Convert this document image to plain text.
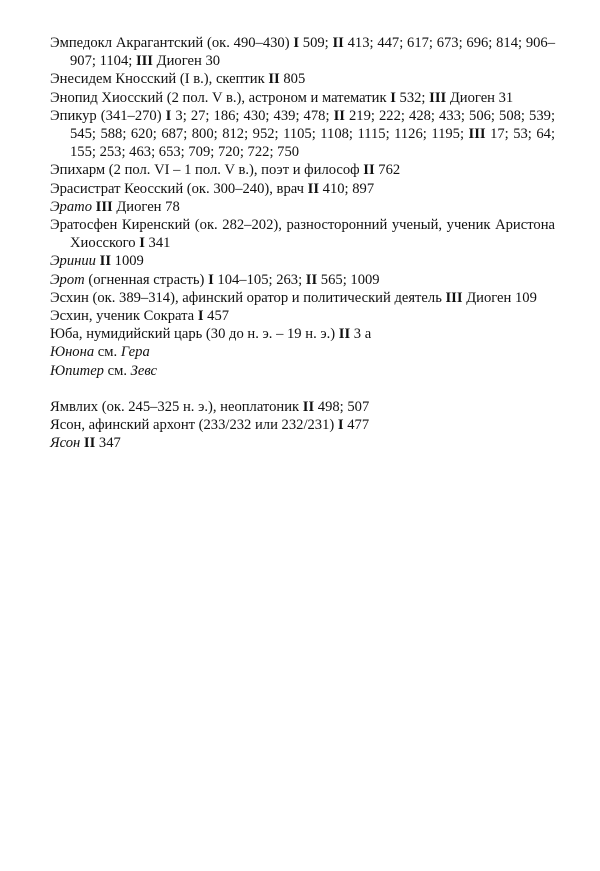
Эмпедокл Акрагантский (ок. 490–430) I 509; II 413; 447; 617; 673; 696; 814; 906–907; 1104; III Диоген 30

Энесидем Кносский (I в.), скептик II 805

Энопид Хиосский (2 пол. V в.), астроном и математик I 532; III Диоген 31

Эпикур (341–270) I 3; 27; 186; 430; 439; 478; II 219; 222; 428; 433; 506; 508; 539; 545; 588; 620; 687; 800; 812; 952; 1105; 1108; 1115; 1126; 1195; III 17; 53; 64; 155; 253; 463; 653; 709; 720; 722; 750

Эпихарм (2 пол. VI – 1 пол. V в.), поэт и философ II 762

Эрасистрат Кеосский (ок. 300–240), врач II 410; 897

Эрато III Диоген 78

Эратосфен Киренский (ок. 282–202), разносторонний ученый, ученик Аристона Хиосского I 341

Эринии II 1009

Эрот (огненная страсть) I 104–105; 263; II 565; 1009

Эсхин (ок. 389–314), афинский оратор и политический деятель III Диоген 109

Эсхин, ученик Сократа I 457

Юба, нумидийский царь (30 до н. э. – 19 н. э.) II 3 а

Юнона см. Гера

Юпитер см. Зевс

Ямвлих (ок. 245–325 н. э.), неоплатоник II 498; 507

Ясон, афинский архонт (233/232 или 232/231) I 477

Ясон II 347
